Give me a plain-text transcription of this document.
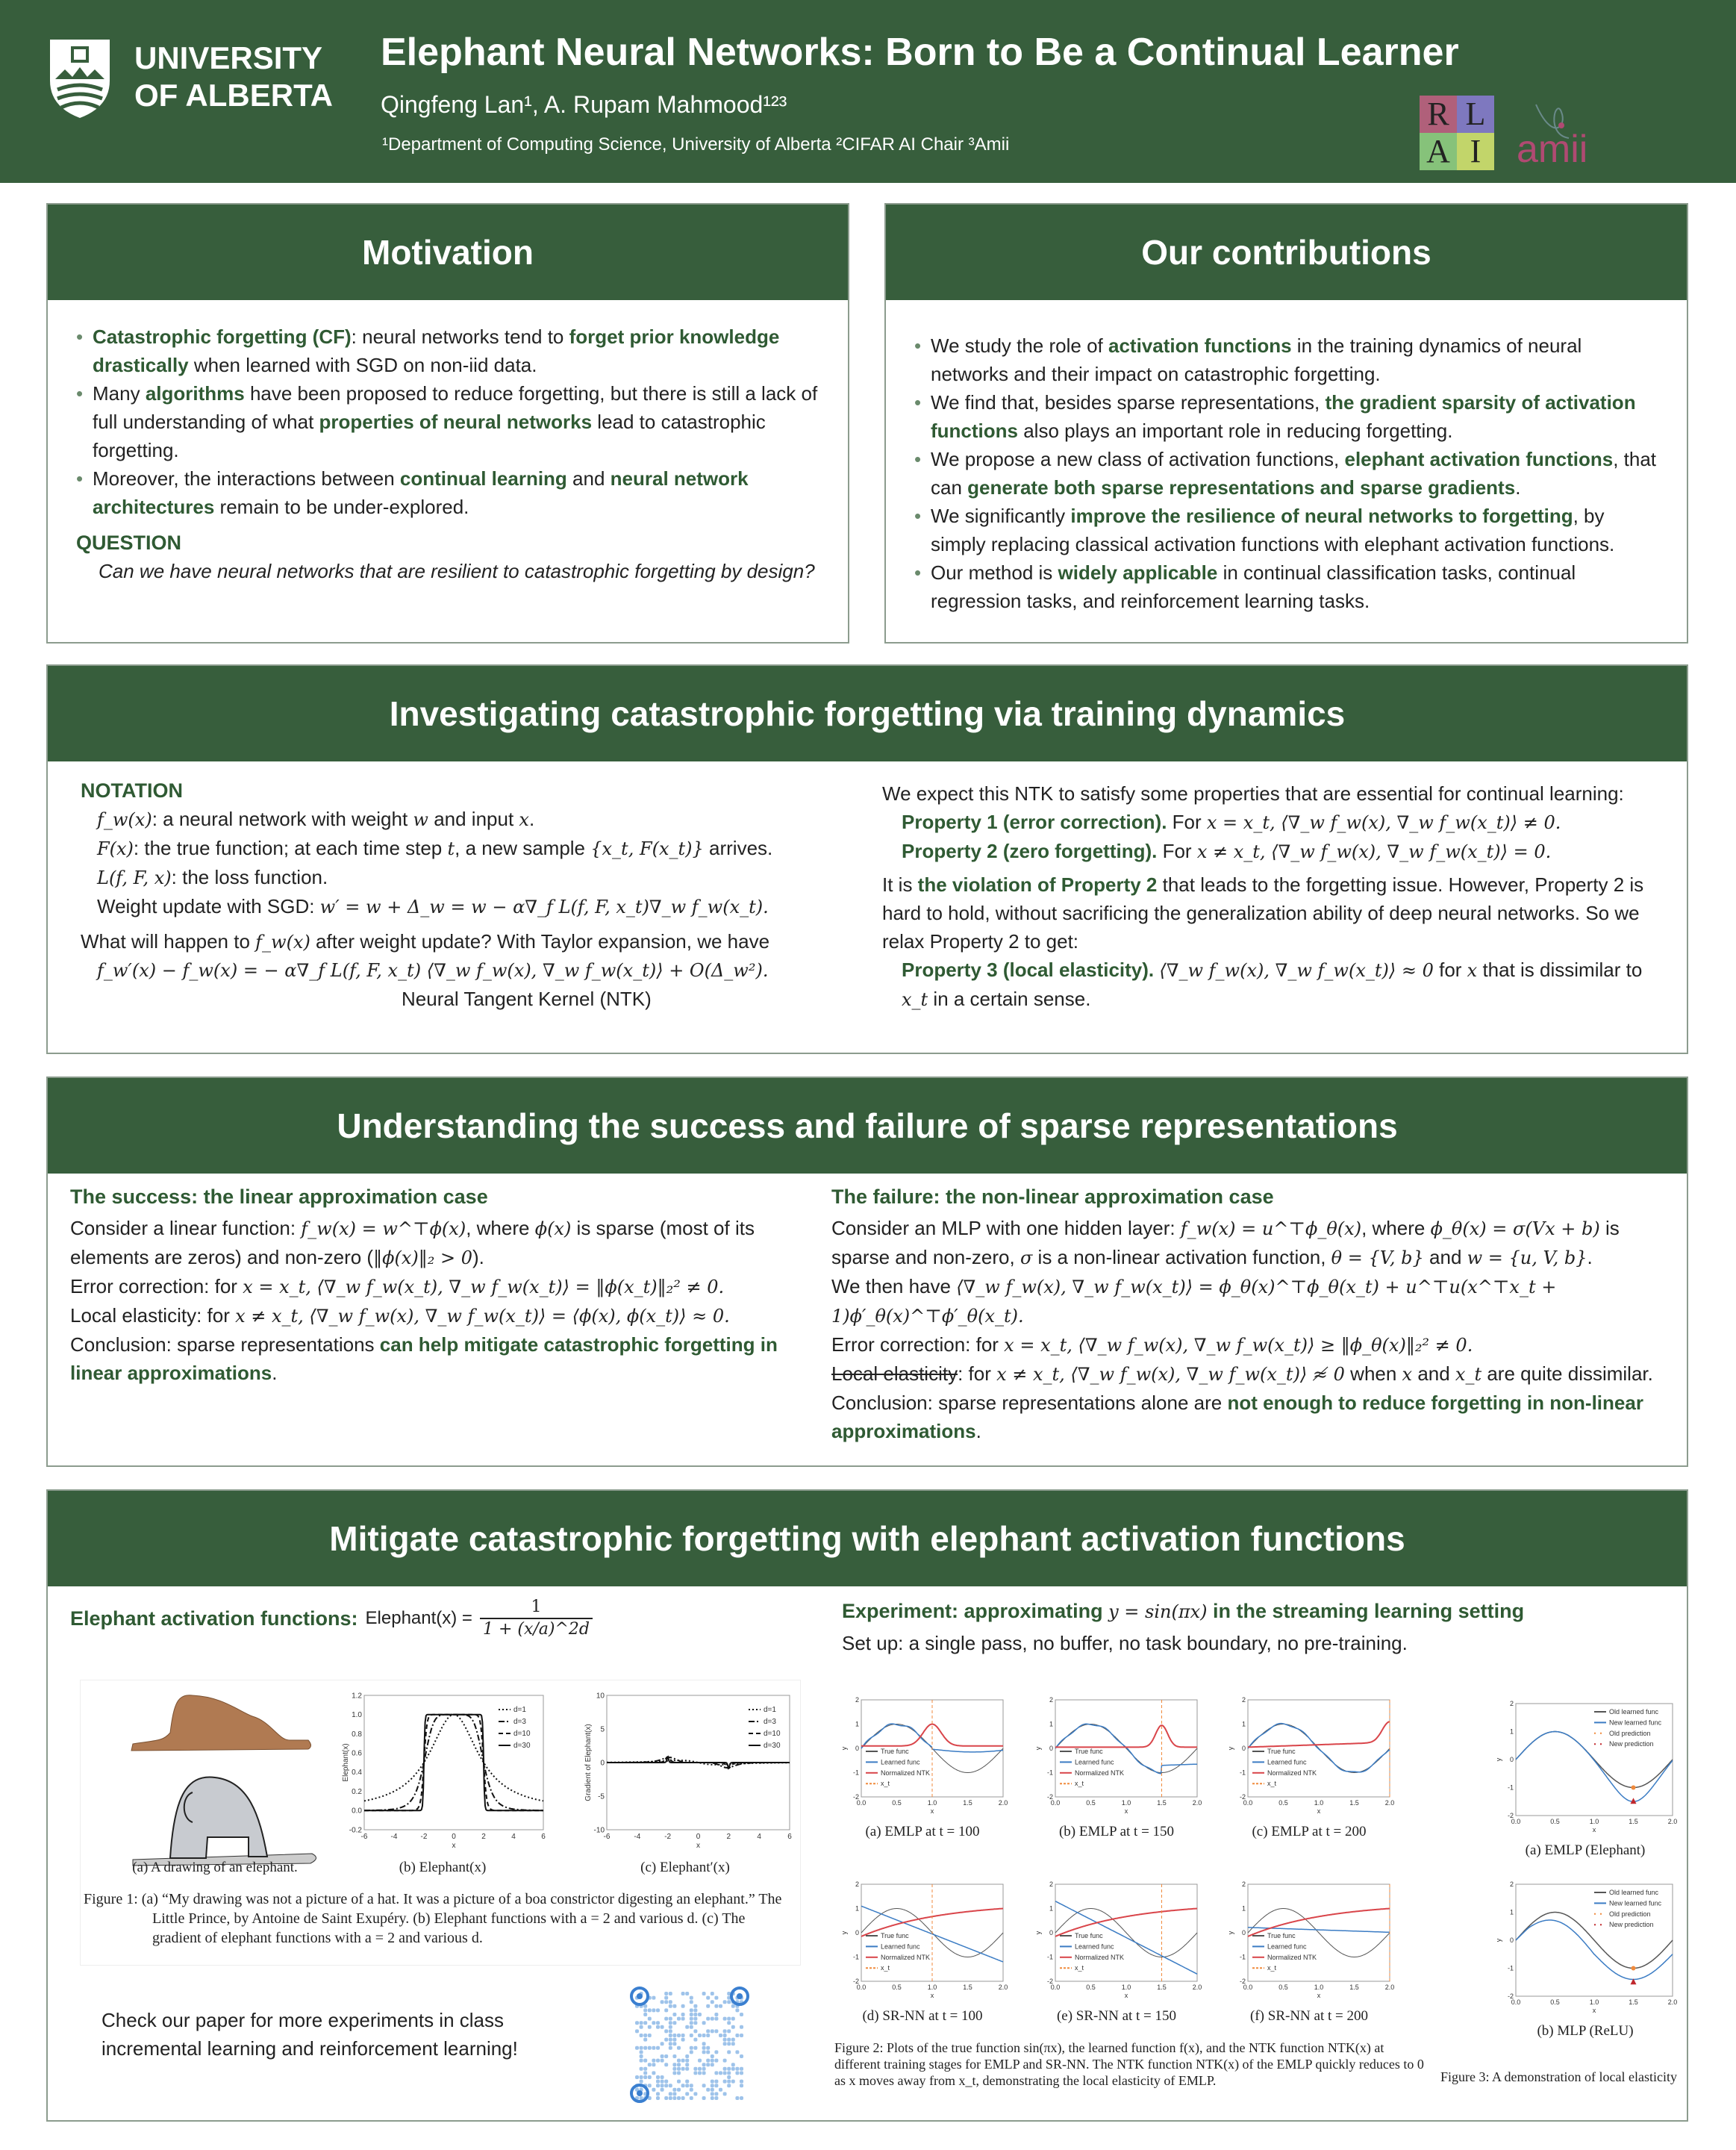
UNIVERSITY
OF ALBERTA
Elephant Neural Networks: Born to Be a Continual Learner
Qingfeng Lan¹, A. Rupam Mahmood¹²³
¹Department of Computing Science, University of Alberta ²CIFAR AI Chair ³Amii
R L
A I amii
Motivation
• Catastrophic forgetting (CF): neural networks tend to forget prior knowledge drastically when learned with SGD on non-iid data.
• Many algorithms have been proposed to reduce forgetting, but there is still a lack of full understanding of what properties of neural networks lead to catastrophic forgetting.
• Moreover, the interactions between continual learning and neural network architectures remain to be under-explored.
QUESTION
Can we have neural networks that are resilient to catastrophic forgetting by design?
Our contributions
• We study the role of activation functions in the training dynamics of neural networks and their impact on catastrophic forgetting.
• We find that, besides sparse representations, the gradient sparsity of activation functions also plays an important role in reducing forgetting.
• We propose a new class of activation functions, elephant activation functions, that can generate both sparse representations and sparse gradients.
• We significantly improve the resilience of neural networks to forgetting, by simply replacing classical activation functions with elephant activation functions.
• Our method is widely applicable in continual classification tasks, continual regression tasks, and reinforcement learning tasks.
Investigating catastrophic forgetting via training dynamics
NOTATION
f_w(x): a neural network with weight w and input x.
F(x): the true function; at each time step t, a new sample {x_t, F(x_t)} arrives.
L(f, F, x): the loss function.
Weight update with SGD: w′ = w + Δ_w = w − α∇_f L(f, F, x_t)∇_w f_w(x_t).
What will happen to f_w(x) after weight update? With Taylor expansion, we have
f_w′(x) − f_w(x) = − α∇_f L(f, F, x_t) ⟨∇_w f_w(x), ∇_w f_w(x_t)⟩ + O(Δ_w²).
Neural Tangent Kernel (NTK)
We expect this NTK to satisfy some properties that are essential for continual learning:
Property 1 (error correction). For x = x_t, ⟨∇_w f_w(x), ∇_w f_w(x_t)⟩ ≠ 0.
Property 2 (zero forgetting). For x ≠ x_t, ⟨∇_w f_w(x), ∇_w f_w(x_t)⟩ = 0.
It is the violation of Property 2 that leads to the forgetting issue. However, Property 2 is hard to hold, without sacrificing the generalization ability of deep neural networks. So we relax Property 2 to get:
Property 3 (local elasticity). ⟨∇_w f_w(x), ∇_w f_w(x_t)⟩ ≈ 0 for x that is dissimilar to x_t in a certain sense.
Understanding the success and failure of sparse representations
The success: the linear approximation case
Consider a linear function: f_w(x) = w^⊤ϕ(x), where ϕ(x) is sparse (most of its elements are zeros) and non-zero (‖ϕ(x)‖₂ > 0).
Error correction: for x = x_t, ⟨∇_w f_w(x_t), ∇_w f_w(x_t)⟩ = ‖ϕ(x_t)‖₂² ≠ 0.
Local elasticity: for x ≠ x_t, ⟨∇_w f_w(x), ∇_w f_w(x_t)⟩ = ⟨ϕ(x), ϕ(x_t)⟩ ≈ 0.
Conclusion: sparse representations can help mitigate catastrophic forgetting in linear approximations.
The failure: the non-linear approximation case
Consider an MLP with one hidden layer: f_w(x) = u^⊤ϕ_θ(x), where ϕ_θ(x) = σ(Vx + b) is sparse and non-zero, σ is a non-linear activation function, θ = {V, b} and w = {u, V, b}.
We then have ⟨∇_w f_w(x), ∇_w f_w(x_t)⟩ = ϕ_θ(x)^⊤ϕ_θ(x_t) + u^⊤u(x^⊤x_t + 1)ϕ′_θ(x)^⊤ϕ′_θ(x_t).
Error correction: for x = x_t, ⟨∇_w f_w(x), ∇_w f_w(x_t)⟩ ≥ ‖ϕ_θ(x)‖₂² ≠ 0.
Local elasticity: for x ≠ x_t, ⟨∇_w f_w(x), ∇_w f_w(x_t)⟩ ≉ 0 when x and x_t are quite dissimilar.
Conclusion: sparse representations alone are not enough to reduce forgetting in non-linear approximations.
Mitigate catastrophic forgetting with elephant activation functions
Elephant activation functions: Elephant(x) = $\frac{1}{1 + (x/a)\^{}2d}$
(a) A drawing of an elephant.
-6	-4	-2	0	2	4	6
1.2
1.0
0.8
0.6
0.4
0.2
0.0
-0.2
x
Elephant(x)
d=1
d=3
d=10
d=30
(b) Elephant(x)
-6	-4	-2	0	2	4	6
10
5
0
-5
-10
x
Gradient of Elephant(x)
d=1
d=3
d=10
d=30
(c) Elephant′(x)
Figure 1: (a) “My drawing was not a picture of a hat. It was a picture of a boa constrictor digesting an elephant.” The Little Prince, by Antoine de Saint Exupéry. (b) Elephant functions with a = 2 and various d. (c) The gradient of elephant functions with a = 2 and various d.
Check our paper for more experiments in class incremental learning and reinforcement learning!
Experiment: approximating y = sin(πx) in the streaming learning setting
Set up: a single pass, no buffer, no task boundary, no pre-training.
Figure 2: Plots of the true function sin(πx), the learned function f(x), and the NTK function NTK(x) at different training stages for EMLP and SR-NN. The NTK function NTK(x) of the EMLP quickly reduces to 0 as x moves away from x_t, demonstrating the local elasticity of EMLP.	Figure 3: A demonstration of local elasticity
0.0	0.5	1.0	1.5	2.0
2
1
0
-1
-2
x
y	True func
Learned func
Normalized NTK
x_t
(a) EMLP at t = 100
0.0	0.5	1.0	1.5	2.0
2
1
0
-1
-2
x
y	True func
Learned func
Normalized NTK
x_t
(b) EMLP at t = 150
0.0	0.5	1.0	1.5	2.0
2
1
0
-1
-2
x
y	True func
Learned func
Normalized NTK
x_t
(c) EMLP at t = 200
0.0	0.5	1.0	1.5	2.0
2
1
0
-1
-2
x
y	True func
Learned func
Normalized NTK
x_t
(d) SR-NN at t = 100
0.0	0.5	1.0	1.5	2.0
2
1
0
-1
-2
x
y	True func
Learned func
Normalized NTK
x_t
(e) SR-NN at t = 150
0.0	0.5	1.0	1.5	2.0
2
1
0
-1
-2
x
y	True func
Learned func
Normalized NTK
x_t
(f) SR-NN at t = 200
0.0	0.5	1.0	1.5	2.0
2
1
0
-1
-2
x
y
Old learned func
New learned func
Old prediction
New prediction
(a) EMLP (Elephant)
0.0	0.5	1.0	1.5	2.0
2
1
0
-1
-2
x
y
Old learned func
New learned func
Old prediction
New prediction
(b) MLP (ReLU)
